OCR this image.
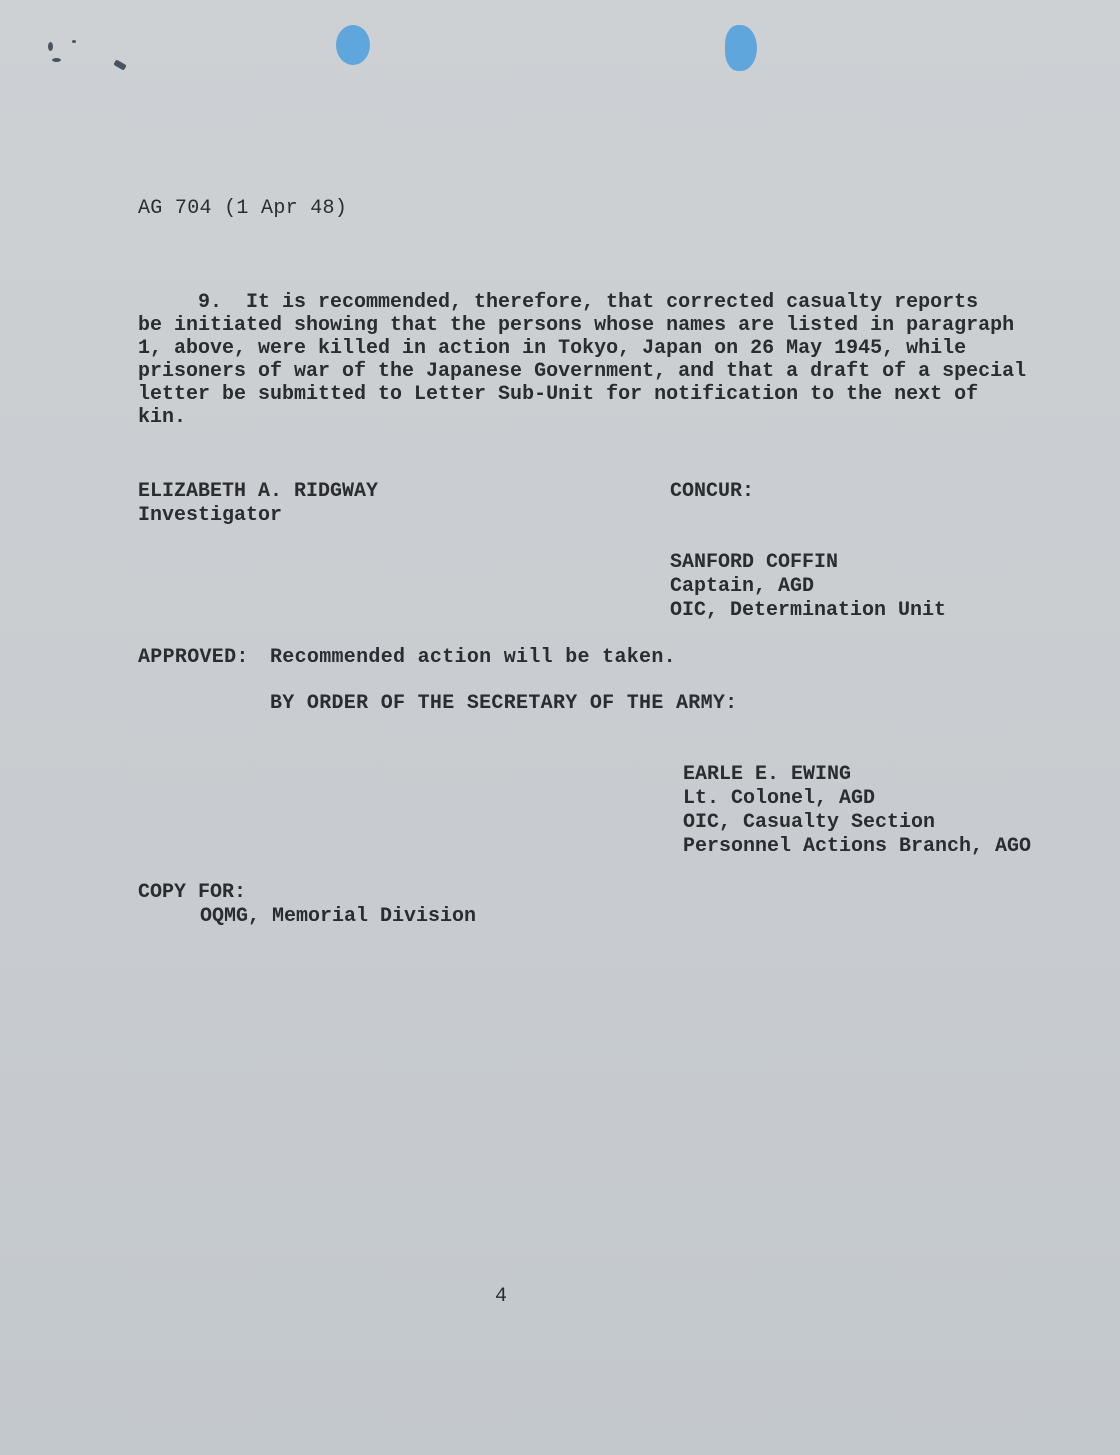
AG 704 (1 Apr 48)
9.  It is recommended, therefore, that corrected casualty reports
be initiated showing that the persons whose names are listed in paragraph
1, above, were killed in action in Tokyo, Japan on 26 May 1945, while
prisoners of war of the Japanese Government, and that a draft of a special
letter be submitted to Letter Sub-Unit for notification to the next of
kin.
ELIZABETH A. RIDGWAY
Investigator
CONCUR:
SANFORD COFFIN
Captain, AGD
OIC, Determination Unit
APPROVED: Recommended action will be taken.
BY ORDER OF THE SECRETARY OF THE ARMY:
EARLE E. EWING
Lt. Colonel, AGD
OIC, Casualty Section
Personnel Actions Branch, AGO
COPY FOR:
OQMG, Memorial Division
4
